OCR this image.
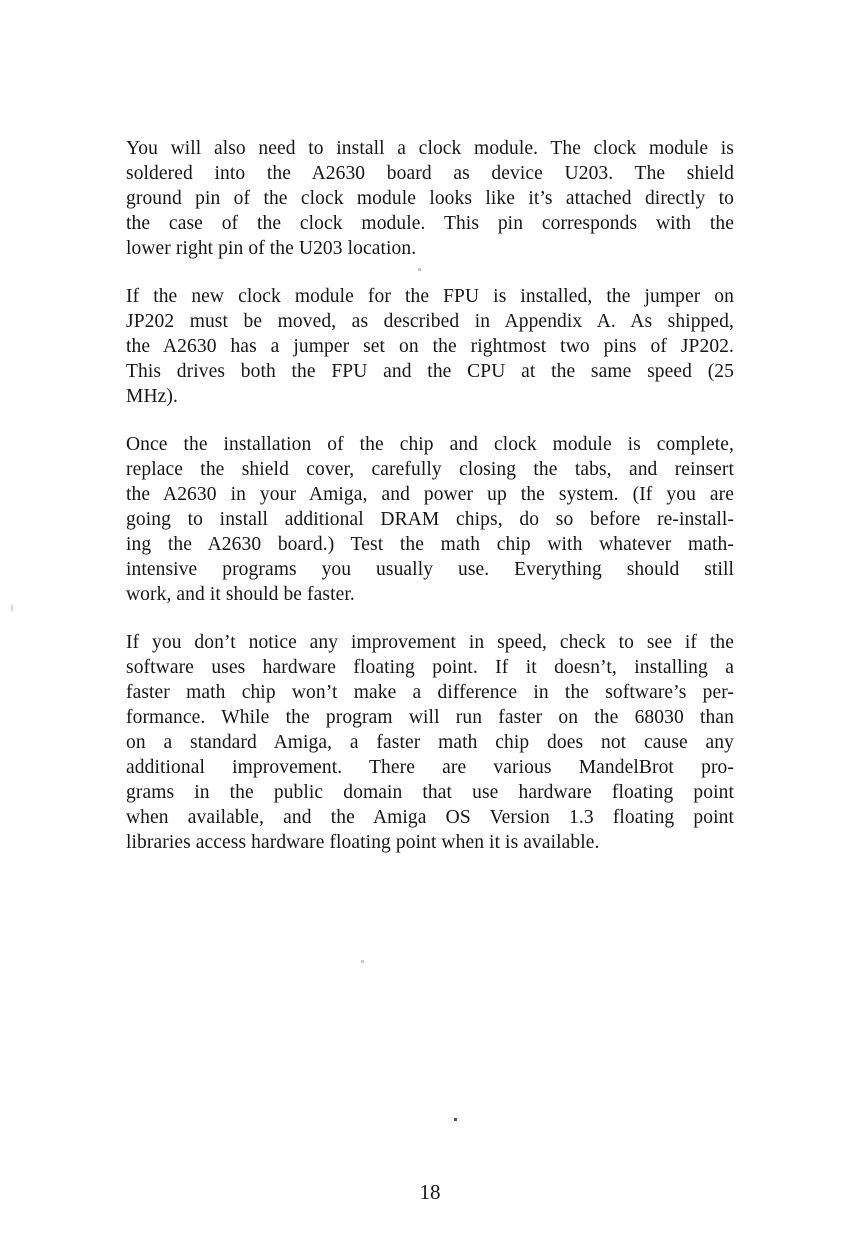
You will also need to install a clock module. The clock module is
soldered into the A2630 board as device U203. The shield
ground pin of the clock module looks like it’s attached directly to
the case of the clock module. This pin corresponds with the
lower right pin of the U203 location.
If the new clock module for the FPU is installed, the jumper on
JP202 must be moved, as described in Appendix A. As shipped,
the A2630 has a jumper set on the rightmost two pins of JP202.
This drives both the FPU and the CPU at the same speed (25
MHz).
Once the installation of the chip and clock module is complete,
replace the shield cover, carefully closing the tabs, and reinsert
the A2630 in your Amiga, and power up the system. (If you are
going to install additional DRAM chips, do so before re-install-
ing the A2630 board.) Test the math chip with whatever math-
intensive programs you usually use. Everything should still
work, and it should be faster.
If you don’t notice any improvement in speed, check to see if the
software uses hardware floating point. If it doesn’t, installing a
faster math chip won’t make a difference in the software’s per-
formance. While the program will run faster on the 68030 than
on a standard Amiga, a faster math chip does not cause any
additional improvement. There are various MandelBrot pro-
grams in the public domain that use hardware floating point
when available, and the Amiga OS Version 1.3 floating point
libraries access hardware floating point when it is available.
18
